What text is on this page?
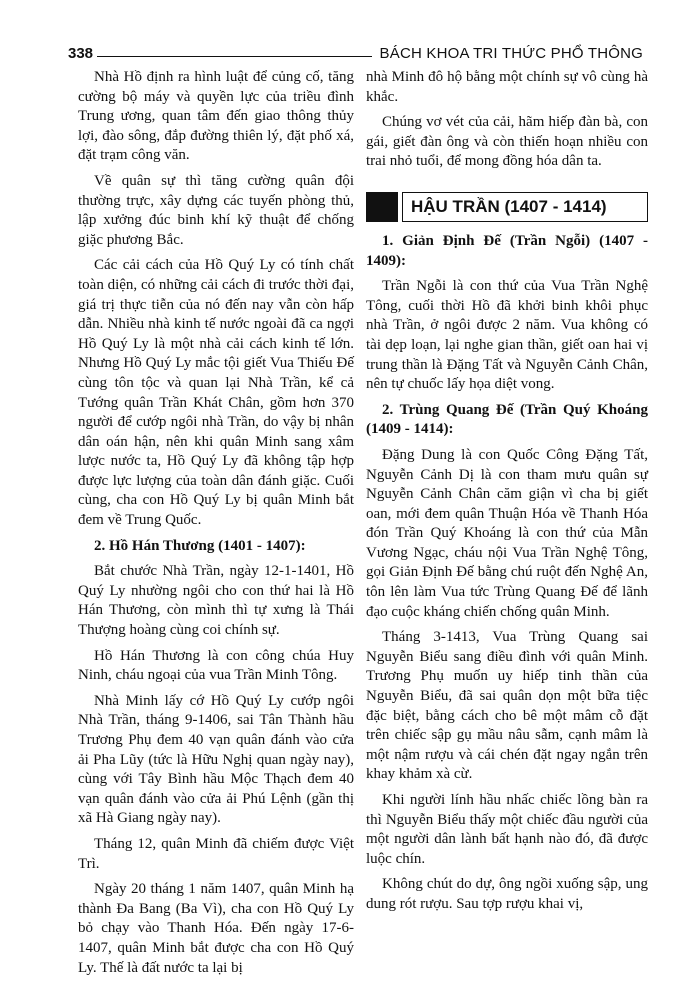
338	BÁCH KHOA TRI THỨC PHỔ THÔNG

Nhà Hồ định ra hình luật để củng cố, tăng cường bộ máy và quyền lực của triều đình Trung ương, quan tâm đến giao thông thủy lợi, đào sông, đắp đường thiên lý, đặt phố xá, đặt trạm công văn.

Về quân sự thì tăng cường quân đội thường trực, xây dựng các tuyến phòng thủ, lập xưởng đúc binh khí kỹ thuật để chống giặc phương Bắc.

Các cải cách của Hồ Quý Ly có tính chất toàn diện, có những cải cách đi trước thời đại, giá trị thực tiễn của nó đến nay vẫn còn hấp dẫn. Nhiều nhà kinh tế nước ngoài đã ca ngợi Hồ Quý Ly là một nhà cải cách kinh tế lớn. Nhưng Hồ Quý Ly mắc tội giết Vua Thiếu Đế cùng tôn tộc và quan lại Nhà Trần, kể cả Tướng quân Trần Khát Chân, gồm hơn 370 người để cướp ngôi nhà Trần, do vậy bị nhân dân oán hận, nên khi quân Minh sang xâm lược nước ta, Hồ Quý Ly đã không tập hợp được lực lượng của toàn dân đánh giặc. Cuối cùng, cha con Hồ Quý Ly bị quân Minh bắt đem về Trung Quốc.

2. Hồ Hán Thương (1401 - 1407):

Bắt chước Nhà Trần, ngày 12-1-1401, Hồ Quý Ly nhường ngôi cho con thứ hai là Hồ Hán Thương, còn mình thì tự xưng là Thái Thượng hoàng cùng coi chính sự.

Hồ Hán Thương là con công chúa Huy Ninh, cháu ngoại của vua Trần Minh Tông.

Nhà Minh lấy cớ Hồ Quý Ly cướp ngôi Nhà Trần, tháng 9-1406, sai Tân Thành hầu Trương Phụ đem 40 vạn quân đánh vào cửa ải Pha Lũy (tức là Hữu Nghị quan ngày nay), cùng với Tây Bình hầu Mộc Thạch đem 40 vạn quân đánh vào cửa ải Phú Lệnh (gần thị xã Hà Giang ngày nay).

Tháng 12, quân Minh đã chiếm được Việt Trì.

Ngày 20 tháng 1 năm 1407, quân Minh hạ thành Đa Bang (Ba Vì), cha con Hồ Quý Ly bỏ chạy vào Thanh Hóa. Đến ngày 17-6-1407, quân Minh bắt được cha con Hồ Quý Ly. Thế là đất nước ta lại bị

nhà Minh đô hộ bằng một chính sự vô cùng hà khắc.

Chúng vơ vét của cải, hãm hiếp đàn bà, con gái, giết đàn ông và còn thiến hoạn nhiều con trai nhỏ tuổi, để mong đồng hóa dân ta.

HẬU TRẦN (1407 - 1414)
1. Giản Định Đế (Trần Ngỗi) (1407 - 1409):

Trần Ngỗi là con thứ của Vua Trần Nghệ Tông, cuối thời Hồ đã khởi binh khôi phục nhà Trần, ở ngôi được 2 năm. Vua không có tài dẹp loạn, lại nghe gian thần, giết oan hai vị trung thần là Đặng Tất và Nguyễn Cảnh Chân, nên tự chuốc lấy họa diệt vong.

2. Trùng Quang Đế (Trần Quý Khoáng (1409 - 1414):

Đặng Dung là con Quốc Công Đặng Tất, Nguyễn Cảnh Dị là con tham mưu quân sự Nguyễn Cảnh Chân căm giận vì cha bị giết oan, mới đem quân Thuận Hóa về Thanh Hóa đón Trần Quý Khoáng là con thứ của Mẫn Vương Ngạc, cháu nội Vua Trần Nghệ Tông, gọi Giản Định Đế bằng chú ruột đến Nghệ An, tôn lên làm Vua tức Trùng Quang Đế để lãnh đạo cuộc kháng chiến chống quân Minh.

Tháng 3-1413, Vua Trùng Quang sai Nguyễn Biểu sang điều đình với quân Minh. Trương Phụ muốn uy hiếp tinh thần của Nguyễn Biểu, đã sai quân dọn một bữa tiệc đặc biệt, bằng cách cho bê một mâm cỗ đặt trên chiếc sập gụ mầu nâu sẫm, cạnh mâm là một nậm rượu và cái chén đặt ngay ngắn trên khay khảm xà cừ.

Khi người lính hầu nhấc chiếc lồng bàn ra thì Nguyễn Biểu thấy một chiếc đầu người của một người dân lành bất hạnh nào đó, đã được luộc chín.

Không chút do dự, ông ngồi xuống sập, ung dung rót rượu. Sau tợp rượu khai vị,
